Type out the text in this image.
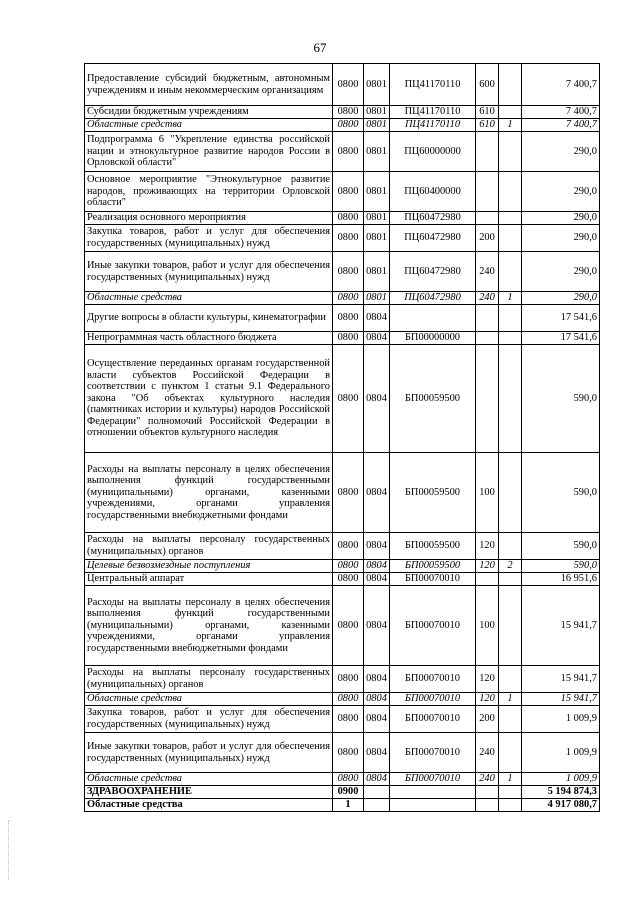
67
Предоставление субсидий бюджетным, автономным учреждениям и иным некоммерческим организациям	0800	0801	ПЦ41170110	600		7 400,7
Субсидии бюджетным учреждениям	0800	0801	ПЦ41170110	610		7 400,7
Областные средства	0800	0801	ПЦ41170110	610	1	7 400,7
Подпрограмма 6 "Укрепление единства российской нации и этнокультурное развитие народов России в Орловской области"	0800	0801	ПЦ60000000			290,0
Основное мероприятие "Этнокультурное развитие народов, проживающих на территории Орловской области"	0800	0801	ПЦ60400000			290,0
Реализация основного мероприятия	0800	0801	ПЦ60472980			290,0
Закупка товаров, работ и услуг для обеспечения государственных (муниципальных) нужд	0800	0801	ПЦ60472980	200		290,0
Иные закупки товаров, работ и услуг для обеспечения государственных (муниципальных) нужд	0800	0801	ПЦ60472980	240		290,0
Областные средства	0800	0801	ПЦ60472980	240	1	290,0
Другие вопросы в области культуры, кинематографии	0800	0804				17 541,6
Непрограммная часть областного бюджета	0800	0804	БП00000000			17 541,6
Осуществление переданных органам государственной власти субъектов Российской Федерации в соответствии с пунктом 1 статьи 9.1 Федерального закона "Об объектах культурного наследия (памятниках истории и культуры) народов Российской Федерации" полномочий Российской Федерации в отношении объектов культурного наследия	0800	0804	БП00059500			590,0
Расходы на выплаты персоналу в целях обеспечения выполнения функций государственными (муниципальными) органами, казенными учреждениями, органами управления государственными внебюджетными фондами	0800	0804	БП00059500	100		590,0
Расходы на выплаты персоналу государственных (муниципальных) органов	0800	0804	БП00059500	120		590,0
Целевые безвозмездные поступления	0800	0804	БП00059500	120	2	590,0
Центральный аппарат	0800	0804	БП00070010			16 951,6
Расходы на выплаты персоналу в целях обеспечения выполнения функций государственными (муниципальными) органами, казенными учреждениями, органами управления государственными внебюджетными фондами	0800	0804	БП00070010	100		15 941,7
Расходы на выплаты персоналу государственных (муниципальных) органов	0800	0804	БП00070010	120		15 941,7
Областные средства	0800	0804	БП00070010	120	1	15 941,7
Закупка товаров, работ и услуг для обеспечения государственных (муниципальных) нужд	0800	0804	БП00070010	200		1 009,9
Иные закупки товаров, работ и услуг для обеспечения государственных (муниципальных) нужд	0800	0804	БП00070010	240		1 009,9
Областные средства	0800	0804	БП00070010	240	1	1 009,9
ЗДРАВООХРАНЕНИЕ	0900					5 194 874,3
Областные средства	1					4 917 080,7
